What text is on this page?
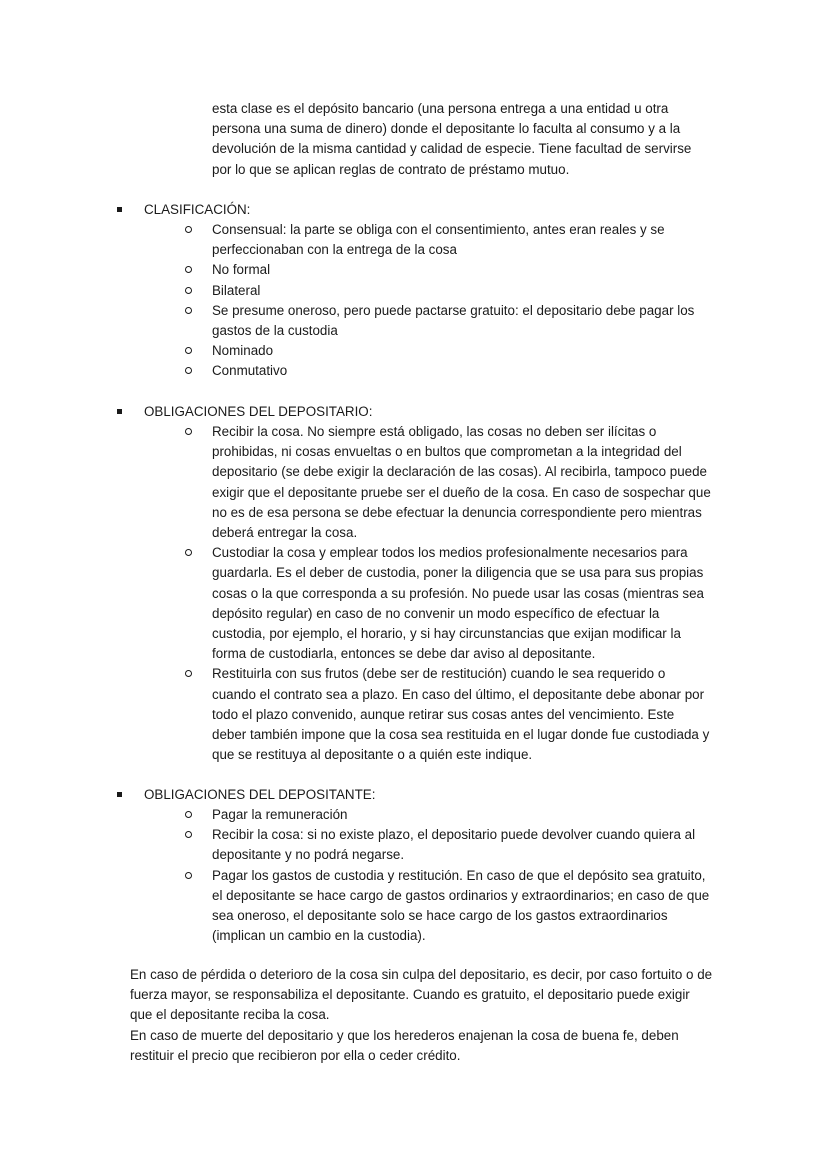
esta clase es el depósito bancario (una persona entrega a una entidad u otra persona una suma de dinero) donde el depositante lo faculta al consumo y a la devolución de la misma cantidad y calidad de especie. Tiene facultad de servirse por lo que se aplican reglas de contrato de préstamo mutuo.

CLASIFICACIÓN:
Consensual: la parte se obliga con el consentimiento, antes eran reales y se perfeccionaban con la entrega de la cosa
No formal
Bilateral
Se presume oneroso, pero puede pactarse gratuito: el depositario debe pagar los gastos de la custodia
Nominado
Conmutativo
OBLIGACIONES DEL DEPOSITARIO:
Recibir la cosa. No siempre está obligado, las cosas no deben ser ilícitas o prohibidas, ni cosas envueltas o en bultos que comprometan a la integridad del depositario (se debe exigir la declaración de las cosas). Al recibirla, tampoco puede exigir que el depositante pruebe ser el dueño de la cosa. En caso de sospechar que no es de esa persona se debe efectuar la denuncia correspondiente pero mientras deberá entregar la cosa.
Custodiar la cosa y emplear todos los medios profesionalmente necesarios para guardarla. Es el deber de custodia, poner la diligencia que se usa para sus propias cosas o la que corresponda a su profesión. No puede usar las cosas (mientras sea depósito regular) en caso de no convenir un modo específico de efectuar la custodia, por ejemplo, el horario, y si hay circunstancias que exijan modificar la forma de custodiarla, entonces se debe dar aviso al depositante.
Restituirla con sus frutos (debe ser de restitución) cuando le sea requerido o cuando el contrato sea a plazo. En caso del último, el depositante debe abonar por todo el plazo convenido, aunque retirar sus cosas antes del vencimiento. Este deber también impone que la cosa sea restituida en el lugar donde fue custodiada y que se restituya al depositante o a quién este indique.
OBLIGACIONES DEL DEPOSITANTE:
Pagar la remuneración
Recibir la cosa: si no existe plazo, el depositario puede devolver cuando quiera al depositante y no podrá negarse.
Pagar los gastos de custodia y restitución. En caso de que el depósito sea gratuito, el depositante se hace cargo de gastos ordinarios y extraordinarios; en caso de que sea oneroso, el depositante solo se hace cargo de los gastos extraordinarios (implican un cambio en la custodia).

En caso de pérdida o deterioro de la cosa sin culpa del depositario, es decir, por caso fortuito o de fuerza mayor, se responsabiliza el depositante. Cuando es gratuito, el depositario puede exigir que el depositante reciba la cosa.

En caso de muerte del depositario y que los herederos enajenan la cosa de buena fe, deben restituir el precio que recibieron por ella o ceder crédito.
